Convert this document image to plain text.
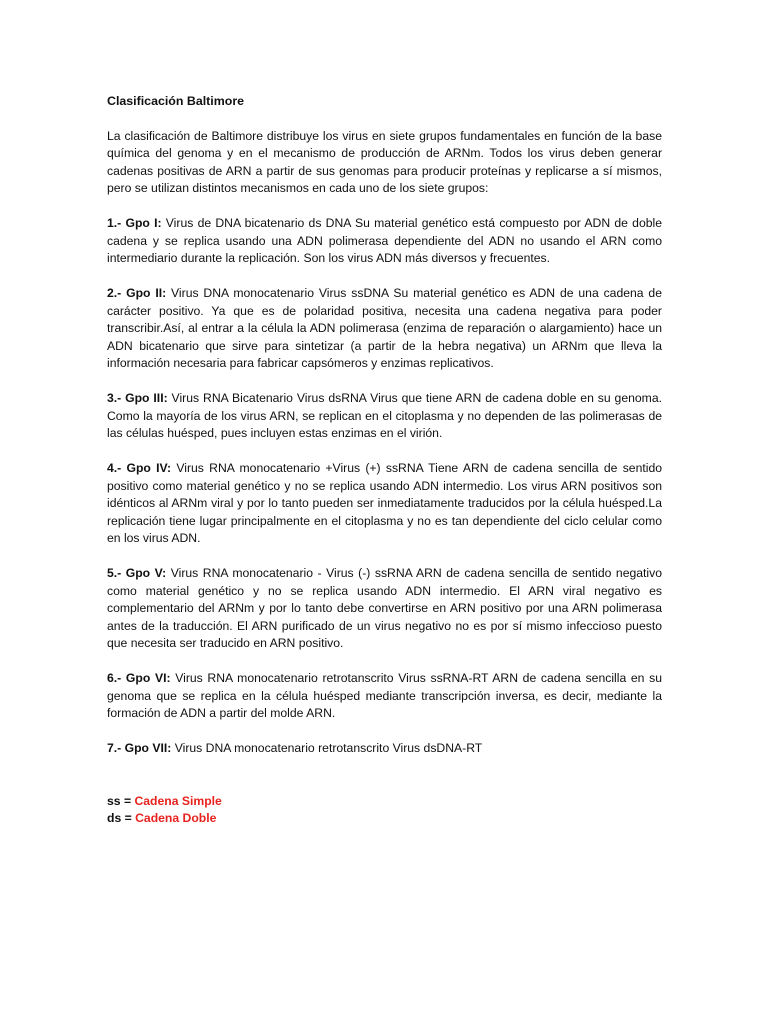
Clasificación Baltimore

La clasificación de Baltimore distribuye los virus en siete grupos fundamentales en función de la base química del genoma y en el mecanismo de producción de ARNm. Todos los virus deben generar cadenas positivas de ARN a partir de sus genomas para producir proteínas y replicarse a sí mismos, pero se utilizan distintos mecanismos en cada uno de los siete grupos:

1.- Gpo I: Virus de DNA bicatenario ds DNA Su material genético está compuesto por ADN de doble cadena y se replica usando una ADN polimerasa dependiente del ADN no usando el ARN como intermediario durante la replicación. Son los virus ADN más diversos y frecuentes.

2.- Gpo II: Virus DNA monocatenario Virus ssDNA Su material genético es ADN de una cadena de carácter positivo. Ya que es de polaridad positiva, necesita una cadena negativa para poder transcribir.Así, al entrar a la célula la ADN polimerasa (enzima de reparación o alargamiento) hace un ADN bicatenario que sirve para sintetizar (a partir de la hebra negativa) un ARNm que lleva la información necesaria para fabricar capsómeros y enzimas replicativos.

3.- Gpo III: Virus RNA Bicatenario Virus dsRNA Virus que tiene ARN de cadena doble en su genoma. Como la mayoría de los virus ARN, se replican en el citoplasma y no dependen de las polimerasas de las células huésped, pues incluyen estas enzimas en el virión.

4.- Gpo IV: Virus RNA monocatenario +Virus (+) ssRNA Tiene ARN de cadena sencilla de sentido positivo como material genético y no se replica usando ADN intermedio. Los virus ARN positivos son idénticos al ARNm viral y por lo tanto pueden ser inmediatamente traducidos por la célula huésped.La replicación tiene lugar principalmente en el citoplasma y no es tan dependiente del ciclo celular como en los virus ADN.

5.- Gpo V: Virus RNA monocatenario - Virus (-) ssRNA ARN de cadena sencilla de sentido negativo como material genético y no se replica usando ADN intermedio. El ARN viral negativo es complementario del ARNm y por lo tanto debe convertirse en ARN positivo por una ARN polimerasa antes de la traducción. El ARN purificado de un virus negativo no es por sí mismo infeccioso puesto que necesita ser traducido en ARN positivo.

6.- Gpo VI: Virus RNA monocatenario retrotanscrito Virus ssRNA-RT ARN de cadena sencilla en su genoma que se replica en la célula huésped mediante transcripción inversa, es decir, mediante la formación de ADN a partir del molde ARN.

7.- Gpo VII: Virus DNA monocatenario retrotanscrito Virus dsDNA-RT

ss = Cadena Simple
ds = Cadena Doble
